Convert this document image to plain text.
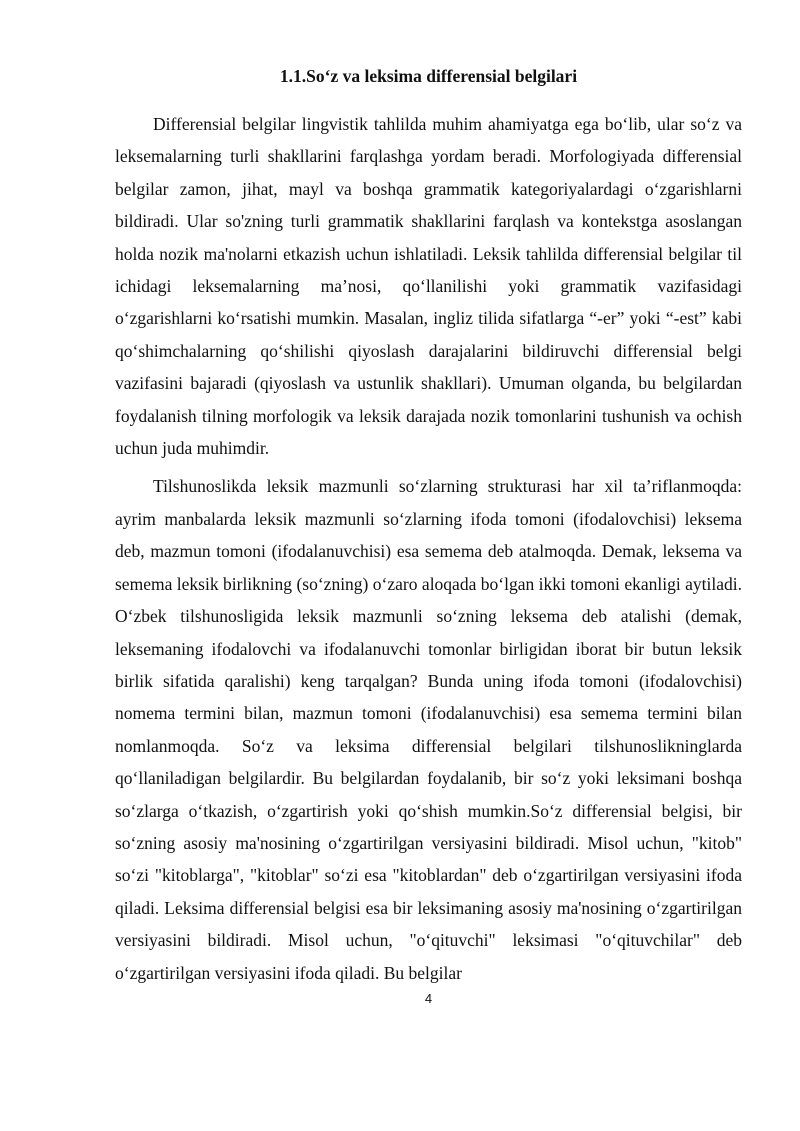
1.1.So‘z va leksima differensial belgilari

Differensial belgilar lingvistik tahlilda muhim ahamiyatga ega bo‘lib, ular so‘z va leksemalarning turli shakllarini farqlashga yordam beradi. Morfologiyada differensial belgilar zamon, jihat, mayl va boshqa grammatik kategoriyalardagi o‘zgarishlarni bildiradi. Ular so'zning turli grammatik shakllarini farqlash va kontekstga asoslangan holda nozik ma'nolarni etkazish uchun ishlatiladi. Leksik tahlilda differensial belgilar til ichidagi leksemalarning ma’nosi, qo‘llanilishi yoki grammatik vazifasidagi o‘zgarishlarni ko‘rsatishi mumkin. Masalan, ingliz tilida sifatlarga “-er” yoki “-est” kabi qo‘shimchalarning qo‘shilishi qiyoslash darajalarini bildiruvchi differensial belgi vazifasini bajaradi (qiyoslash va ustunlik shakllari). Umuman olganda, bu belgilardan foydalanish tilning morfologik va leksik darajada nozik tomonlarini tushunish va ochish uchun juda muhimdir.

Tilshunoslikda leksik mazmunli so‘zlarning strukturasi har xil ta’riflanmoqda: ayrim manbalarda leksik mazmunli so‘zlarning ifoda tomoni (ifodalovchisi) leksema deb, mazmun tomoni (ifodalanuvchisi) esa semema deb atalmoqda. Demak, leksema va semema leksik birlikning (so‘zning) o‘zaro aloqada bo‘lgan ikki tomoni ekanligi aytiladi. O‘zbek tilshunosligida leksik mazmunli so‘zning leksema deb atalishi (demak, leksemaning ifodalovchi va ifodalanuvchi tomonlar birligidan iborat bir butun leksik birlik sifatida qaralishi) keng tarqalgan? Bunda uning ifoda tomoni (ifodalovchisi) nomema termini bilan, mazmun tomoni (ifodalanuvchisi) esa semema termini bilan nomlanmoqda. So‘z va leksima differensial belgilari tilshunoslikninglarda qo‘llaniladigan belgilardir. Bu belgilardan foydalanib, bir so‘z yoki leksimani boshqa so‘zlarga o‘tkazish, o‘zgartirish yoki qo‘shish mumkin.So‘z differensial belgisi, bir so‘zning asosiy ma'nosining o‘zgartirilgan versiyasini bildiradi. Misol uchun, "kitob" so‘zi "kitoblarga", "kitoblar" so‘zi esa "kitoblardan" deb o‘zgartirilgan versiyasini ifoda qiladi. Leksima differensial belgisi esa bir leksimaning asosiy ma'nosining o‘zgartirilgan versiyasini bildiradi. Misol uchun, "o‘qituvchi" leksimasi "o‘qituvchilar" deb o‘zgartirilgan versiyasini ifoda qiladi. Bu belgilar

4
